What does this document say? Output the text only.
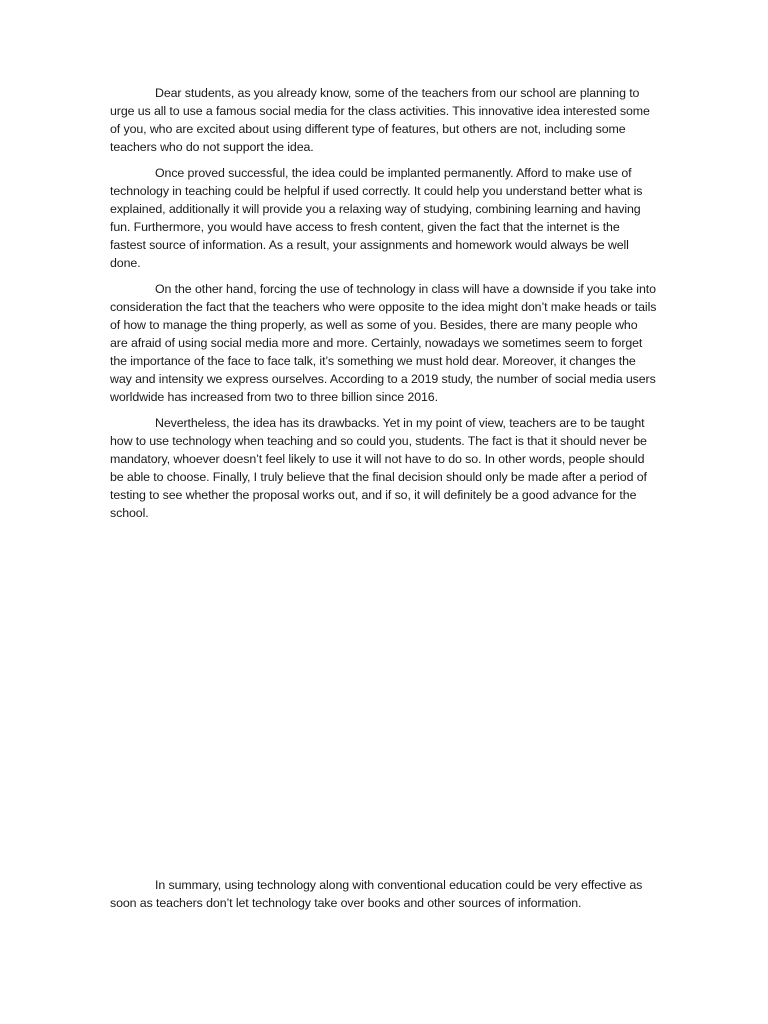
Dear students, as you already know, some of the teachers from our school are planning to urge us all to use a famous social media for the class activities. This innovative idea interested some of you, who are excited about using different type of features, but others are not, including some teachers who do not support the idea.

Once proved successful, the idea could be implanted permanently. Afford to make use of technology in teaching could be helpful if used correctly. It could help you understand better what is explained, additionally it will provide you a relaxing way of studying, combining learning and having fun. Furthermore, you would have access to fresh content, given the fact that the internet is the fastest source of information. As a result, your assignments and homework would always be well done.

On the other hand, forcing the use of technology in class will have a downside if you take into consideration the fact that the teachers who were opposite to the idea might don’t make heads or tails of how to manage the thing properly, as well as some of you. Besides, there are many people who are afraid of using social media more and more. Certainly, nowadays we sometimes seem to forget the importance of the face to face talk, it’s something we must hold dear. Moreover, it changes the way and intensity we express ourselves. According to a 2019 study, the number of social media users worldwide has increased from two to three billion since 2016.

Nevertheless, the idea has its drawbacks. Yet in my point of view, teachers are to be taught how to use technology when teaching and so could you, students. The fact is that it should never be mandatory, whoever doesn’t feel likely to use it will not have to do so. In other words, people should be able to choose. Finally, I truly believe that the final decision should only be made after a period of testing to see whether the proposal works out, and if so, it will definitely be a good advance for the school.

In summary, using technology along with conventional education could be very effective as soon as teachers don’t let technology take over books and other sources of information.
